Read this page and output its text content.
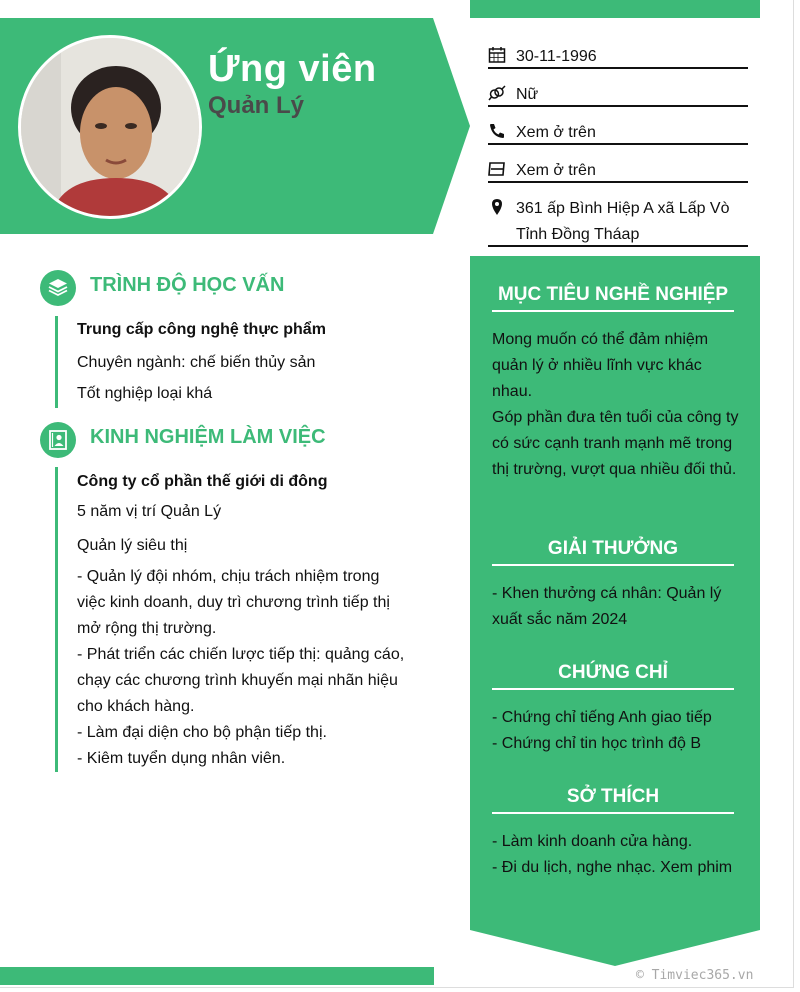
Ứng viên
Quản Lý
30-11-1996
Nữ
Xem ở trên
Xem ở trên
361 ấp Bình Hiệp A xã Lấp Vò
Tỉnh Đồng Tháap
MỤC TIÊU NGHỀ NGHIỆP
Mong muốn có thể đảm nhiệm quản lý ở nhiều lĩnh vực khác nhau.
Góp phần đưa tên tuổi của công ty có sức cạnh tranh mạnh mẽ trong thị trường, vượt qua nhiều đối thủ.
GIẢI THƯỞNG
- Khen thưởng cá nhân: Quản lý xuất sắc năm 2024
CHỨNG CHỈ
- Chứng chỉ tiếng Anh giao tiếp
- Chứng chỉ tin học trình độ B
SỞ THÍCH
- Làm kinh doanh cửa hàng.
- Đi du lịch, nghe nhạc. Xem phim
TRÌNH ĐỘ HỌC VẤN
Trung cấp công nghệ thực phẩm
Chuyên ngành: chế biến thủy sản
Tốt nghiệp loại khá
KINH NGHIỆM LÀM VIỆC
Công ty cổ phần thế giới di đông
5 năm vị trí Quản Lý
Quản lý siêu thị
- Quản lý đội nhóm, chịu trách nhiệm trong việc kinh doanh, duy trì chương trình tiếp thị mở rộng thị trường.
- Phát triển các chiến lược tiếp thị: quảng cáo, chạy các chương trình khuyến mại nhãn hiệu cho khách hàng.
- Làm đại diện cho bộ phận tiếp thị.
- Kiêm tuyển dụng nhân viên.
© Timviec365.vn
